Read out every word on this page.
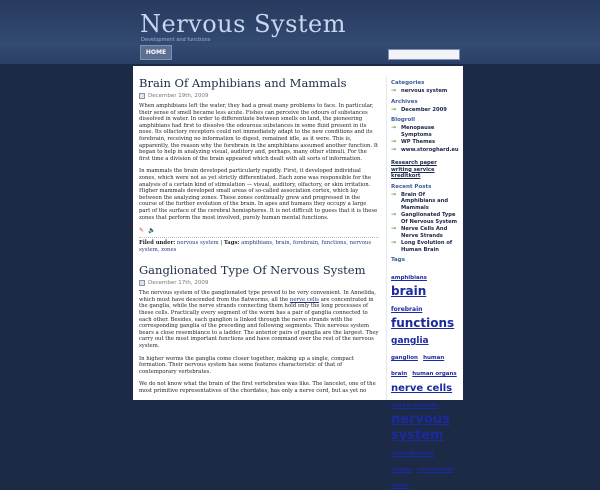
Nervous System
Development and functions
HOME
Brain Of Amphibians and Mammals
December 19th, 2009

When amphibians left the water, they had a great many problems to face. In particular, their sense of smell became less acute. Fishes can perceive the odours of substances dissolved in water. In order to differentiate between smells on land, the pioneering amphibians had first to dissolve the odourous substances in some fluid present in its nose. Its olfactory receptors could not immediately adapt to the new conditions and its forebrain, receiving no information to digest, remained idle, as it were. This is, apparently, the reason why the forebrain in the amphibians assumed another function. It began to help in analyzing visual, auditory and, perhaps, many other stimuli. For the first time a division of the brain appeared which dealt with all sorts of information.

In mammals the brain developed particularly rapidly. First, it developed individual zones, which were not as yet strictly differentiated. Each zone was responsible for the analysis of a certain kind of stimulation — visual, auditory, olfactory, or skin irritation. Higher mammals developed small areas of so-called association cortex, which lay between the analyzing zones. These zones continually grew and progressed in the course of the further evolution of the brain. In apes and humans they occupy a large part of the surface of the cerebral hemispheres. It is not difficult to guess that it is these zones that perform the most involved, purely human mental functions.

✎ 🔈
Filed under: nervous system | Tags: amphibians, brain, forebrain, functions, nervous system, zones
Ganglionated Type Of Nervous System
December 17th, 2009

The nervous system of the ganglionated type proved to be very convenient. In Annelida, which must have descended from the flatworms, all the nerve cells are concentrated in the ganglia, while the nerve strands connecting them hold only the long processes of these cells. Practically every segment of the worm has a pair of ganglia connected to each other. Besides, each ganglion is linked through the nerve strands with the corresponding ganglia of the preceding and following segments. This nervous system bears a close resemblance to a ladder. The anterior pairs of ganglia are the largest. They carry out the most important functions and have command over the rest of the nervous system.

In higher worms the ganglia come closer together, making up a single, compact formation. Their nervous system has some features characteristic of that of contemporary vertebrates.

We do not know what the brain of the first vertebrates was like. The lancelet, one of the most primitive representatives of the chordates, has only a nerve cord, but as yet no

Categories
→ nervous system
Archives
→ December 2009
Blogroll
→ Menopause Symptoms
→ WP Themes
→ www.storoghard.eu
Research paper writing service
kreditkort
Recent Posts
→ Brain Of Amphibians and Mammals
→ Ganglionated Type Of Nervous System
→ Nerve Cells And Nerve Strands
→ Long Evolution of Human Brain
Tags
amphibians brain forebrain functions ganglia ganglion human brain human organs nerve cells nerve strands nervous system vertebrates organs vertebrates zones
